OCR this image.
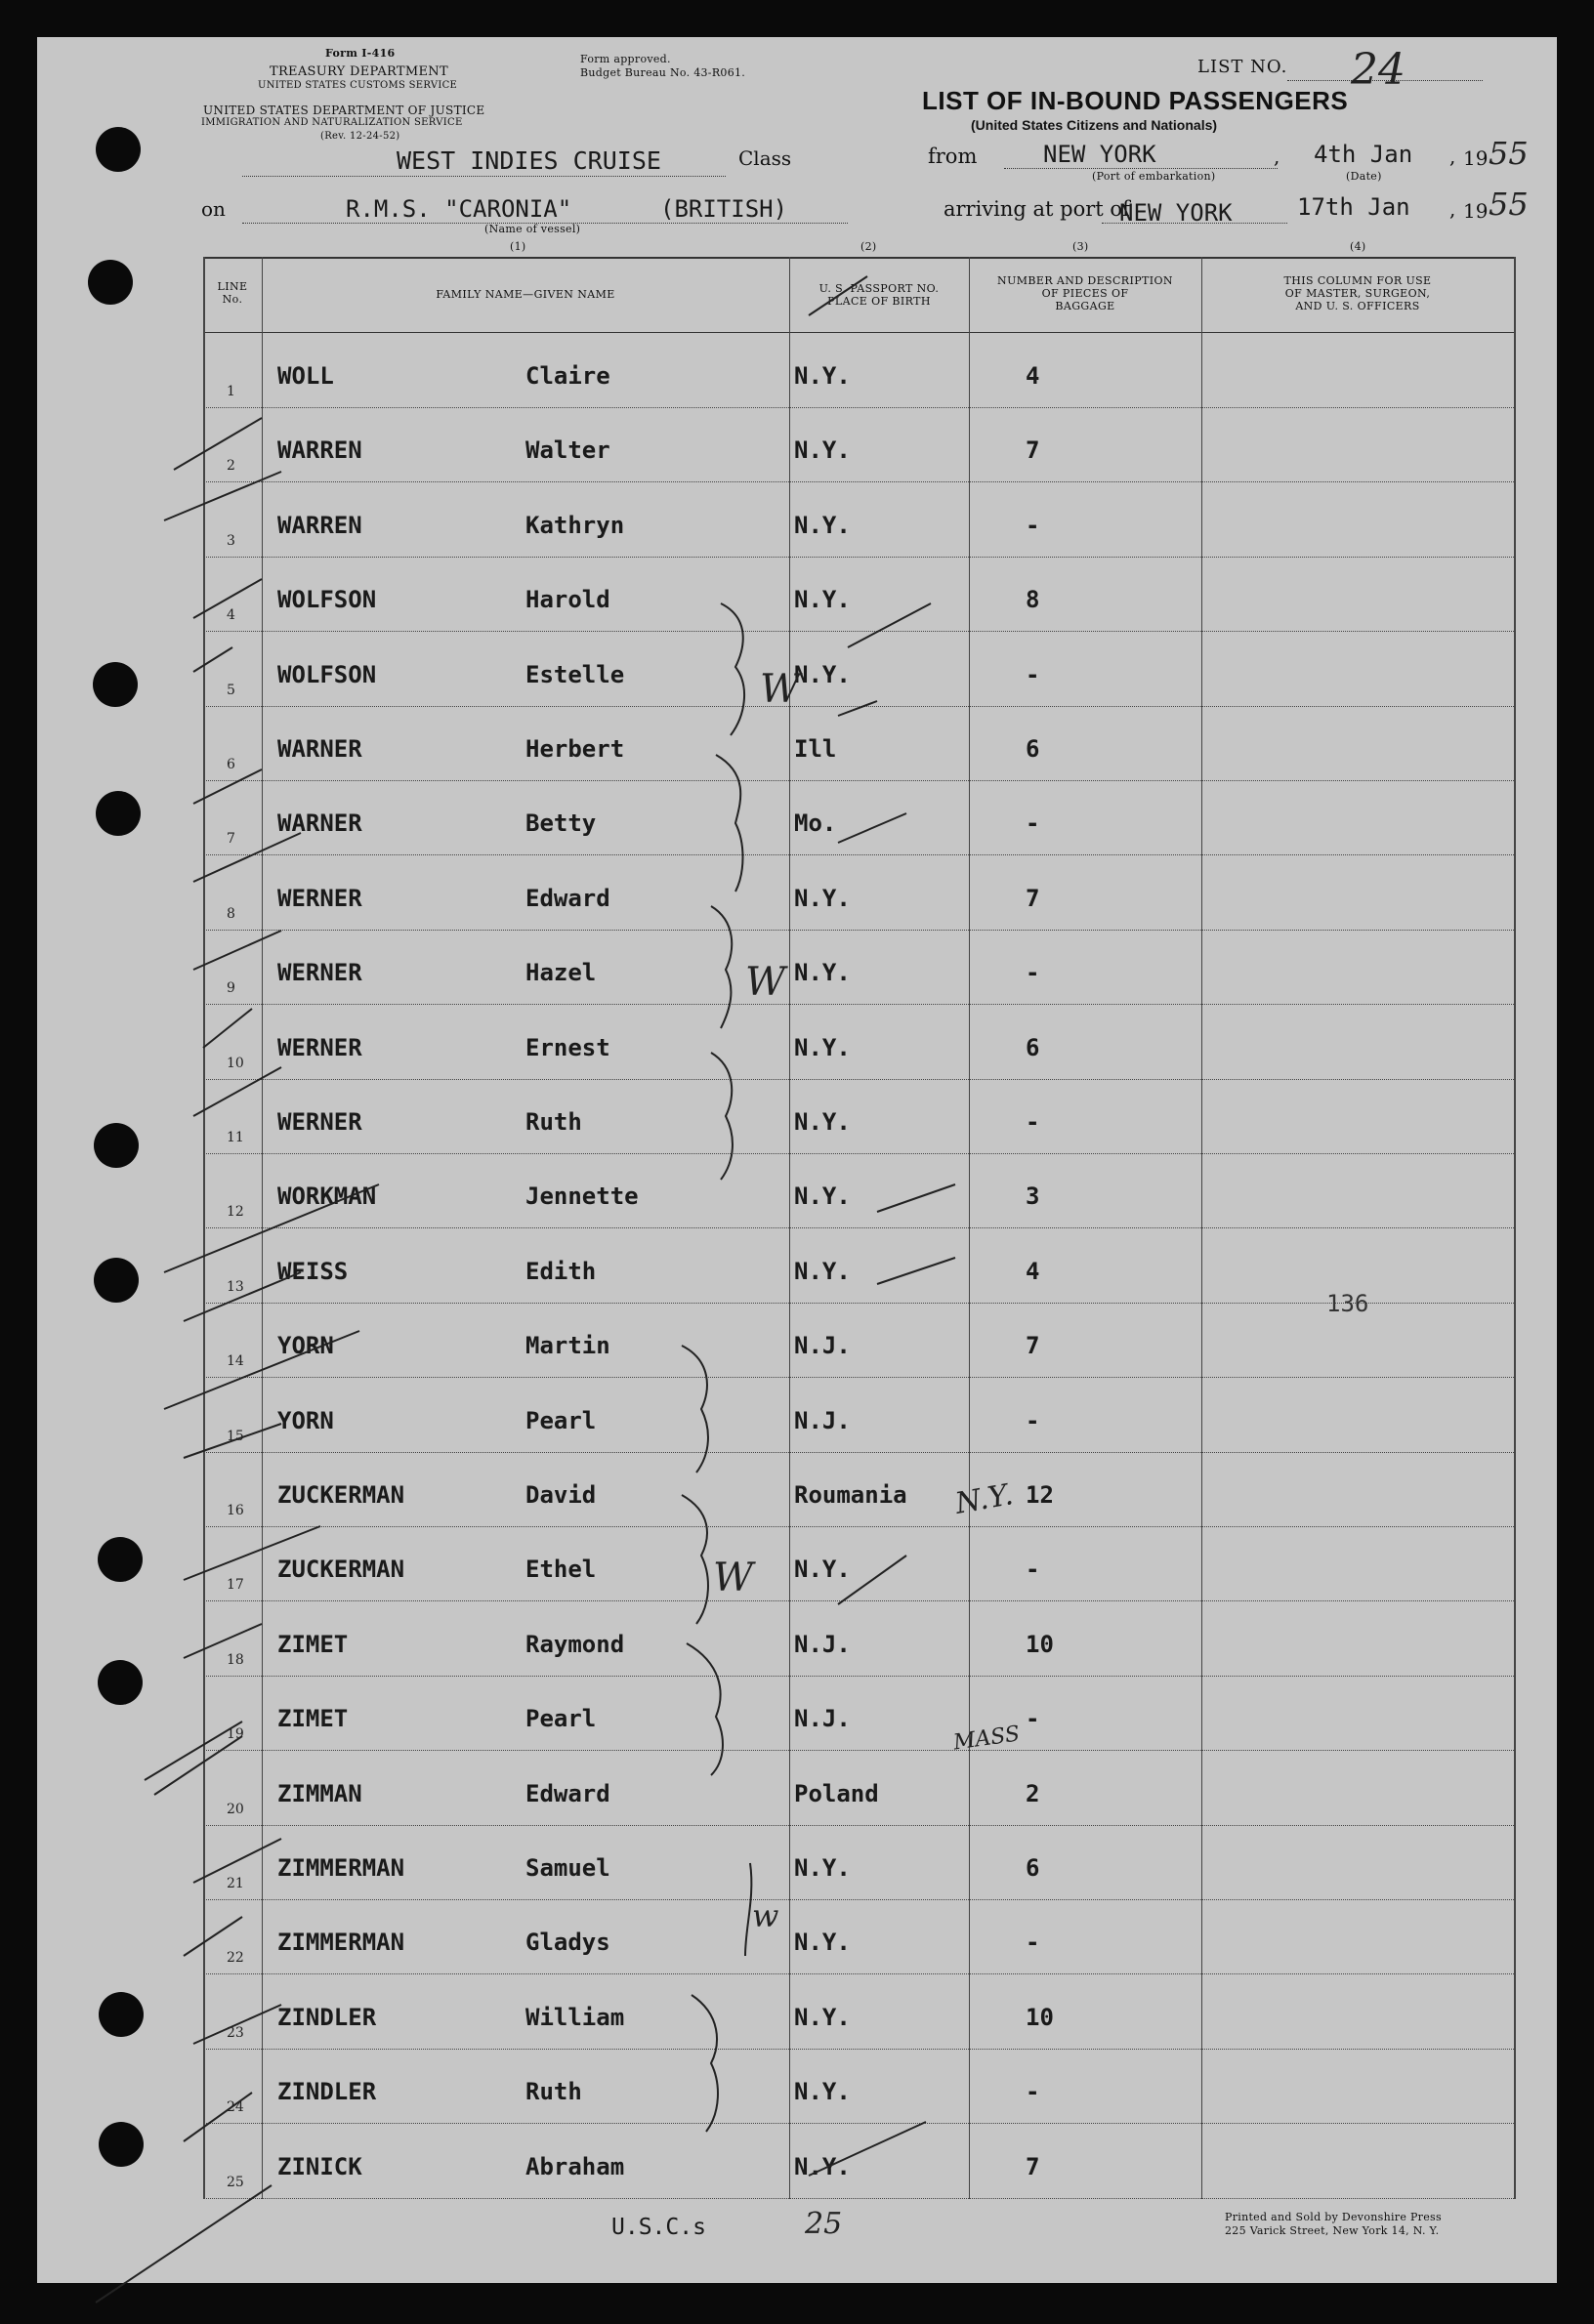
Form I-416
TREASURY DEPARTMENT
UNITED STATES CUSTOMS SERVICE
UNITED STATES DEPARTMENT OF JUSTICE
IMMIGRATION AND NATURALIZATION SERVICE
(Rev. 12-24-52)
Form approved.
Budget Bureau No. 43-R061.	LIST NO. 24
LIST OF IN-BOUND PASSENGERS
(United States Citizens and Nationals)
WEST INDIES CRUISE	Class	from	NEW YORK
(Port of embarkation)
, 4th Jan
(Date)
, 19 55
on	R.M.S. "CARONIA"	(BRITISH)
(Name of vessel)
(1)
arriving at port of
(2)
NEW YORK
(3)
17th Jan
(4)
, 19 55
LINE
No.	FAMILY NAME—GIVEN NAME	U. S. PASSPORT NO.
PLACE OF BIRTH
NUMBER AND DESCRIPTION
OF PIECES OF
BAGGAGE
THIS COLUMN FOR USE
OF MASTER, SURGEON,
AND U. S. OFFICERS
1
WOLL	Claire	N.Y.	4
2
WARREN	Walter	N.Y.	7
3
WARREN	Kathryn	N.Y.	-
4
WOLFSON	Harold	N.Y.	8
5
WOLFSON	Estelle	N.Y.	-
6
WARNER	Herbert	Ill	6
7
WARNER	Betty	Mo.	-
8
WERNER	Edward	N.Y.	7
9
WERNER	Hazel	N.Y.	-
10
WERNER	Ernest	N.Y.	6
11
WERNER	Ruth	N.Y.	-
12
WORKMAN	Jennette	N.Y.	3
13
WEISS	Edith	N.Y.	4
14
YORN	Martin	N.J.	7
15
YORN	Pearl	N.J.	-
16
ZUCKERMAN	David	Roumania	12
17
ZUCKERMAN	Ethel	N.Y.	-
18
ZIMET	Raymond	N.J.	10
19
ZIMET	Pearl	N.J.	-
20
ZIMMAN	Edward	Poland	2
21
ZIMMERMAN	Samuel	N.Y.	6
22
ZIMMERMAN	Gladys	N.Y.	-
23
ZINDLER	William	N.Y.	10
24
ZINDLER	Ruth	N.Y.	-
25
ZINICK	Abraham	N.Y.	7
W
W
W
w
N.Y.
MASS
136
U.S.C.s	25	Printed and Sold by Devonshire Press
225 Varick Street, New York 14, N. Y.
